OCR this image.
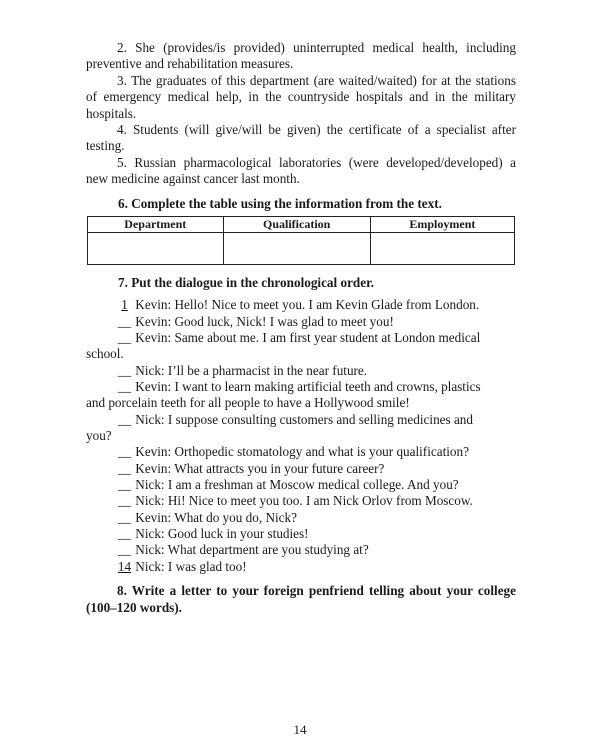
2. She (provides/is provided) uninterrupted medical health, including preventive and rehabilitation measures.
3. The graduates of this department (are waited/waited) for at the stations of emergency medical help, in the countryside hospitals and in the military hospitals.
4. Students (will give/will be given) the certificate of a specialist after testing.
5. Russian pharmacological laboratories (were developed/developed) a new medicine against cancer last month.
6. Complete the table using the information from the text.
Department	Qualification	Employment

7. Put the dialogue in the chronological order.
1 Kevin: Hello! Nice to meet you. I am Kevin Glade from London.
__ Kevin: Good luck, Nick! I was glad to meet you!
__ Kevin: Same about me. I am first year student at London medical
school.
__ Nick: I’ll be a pharmacist in the near future.
__ Kevin: I want to learn making artificial teeth and crowns, plastics
and porcelain teeth for all people to have a Hollywood smile!
__ Nick: I suppose consulting customers and selling medicines and
you?
__ Kevin: Orthopedic stomatology and what is your qualification?
__ Kevin: What attracts you in your future career?
__ Nick: I am a freshman at Moscow medical college. And you?
__ Nick: Hi! Nice to meet you too. I am Nick Orlov from Moscow.
__ Kevin: What do you do, Nick?
__ Nick: Good luck in your studies!
__ Nick: What department are you studying at?
14 Nick: I was glad too!
8. Write a letter to your foreign penfriend telling about your college (100–120 words).
14
